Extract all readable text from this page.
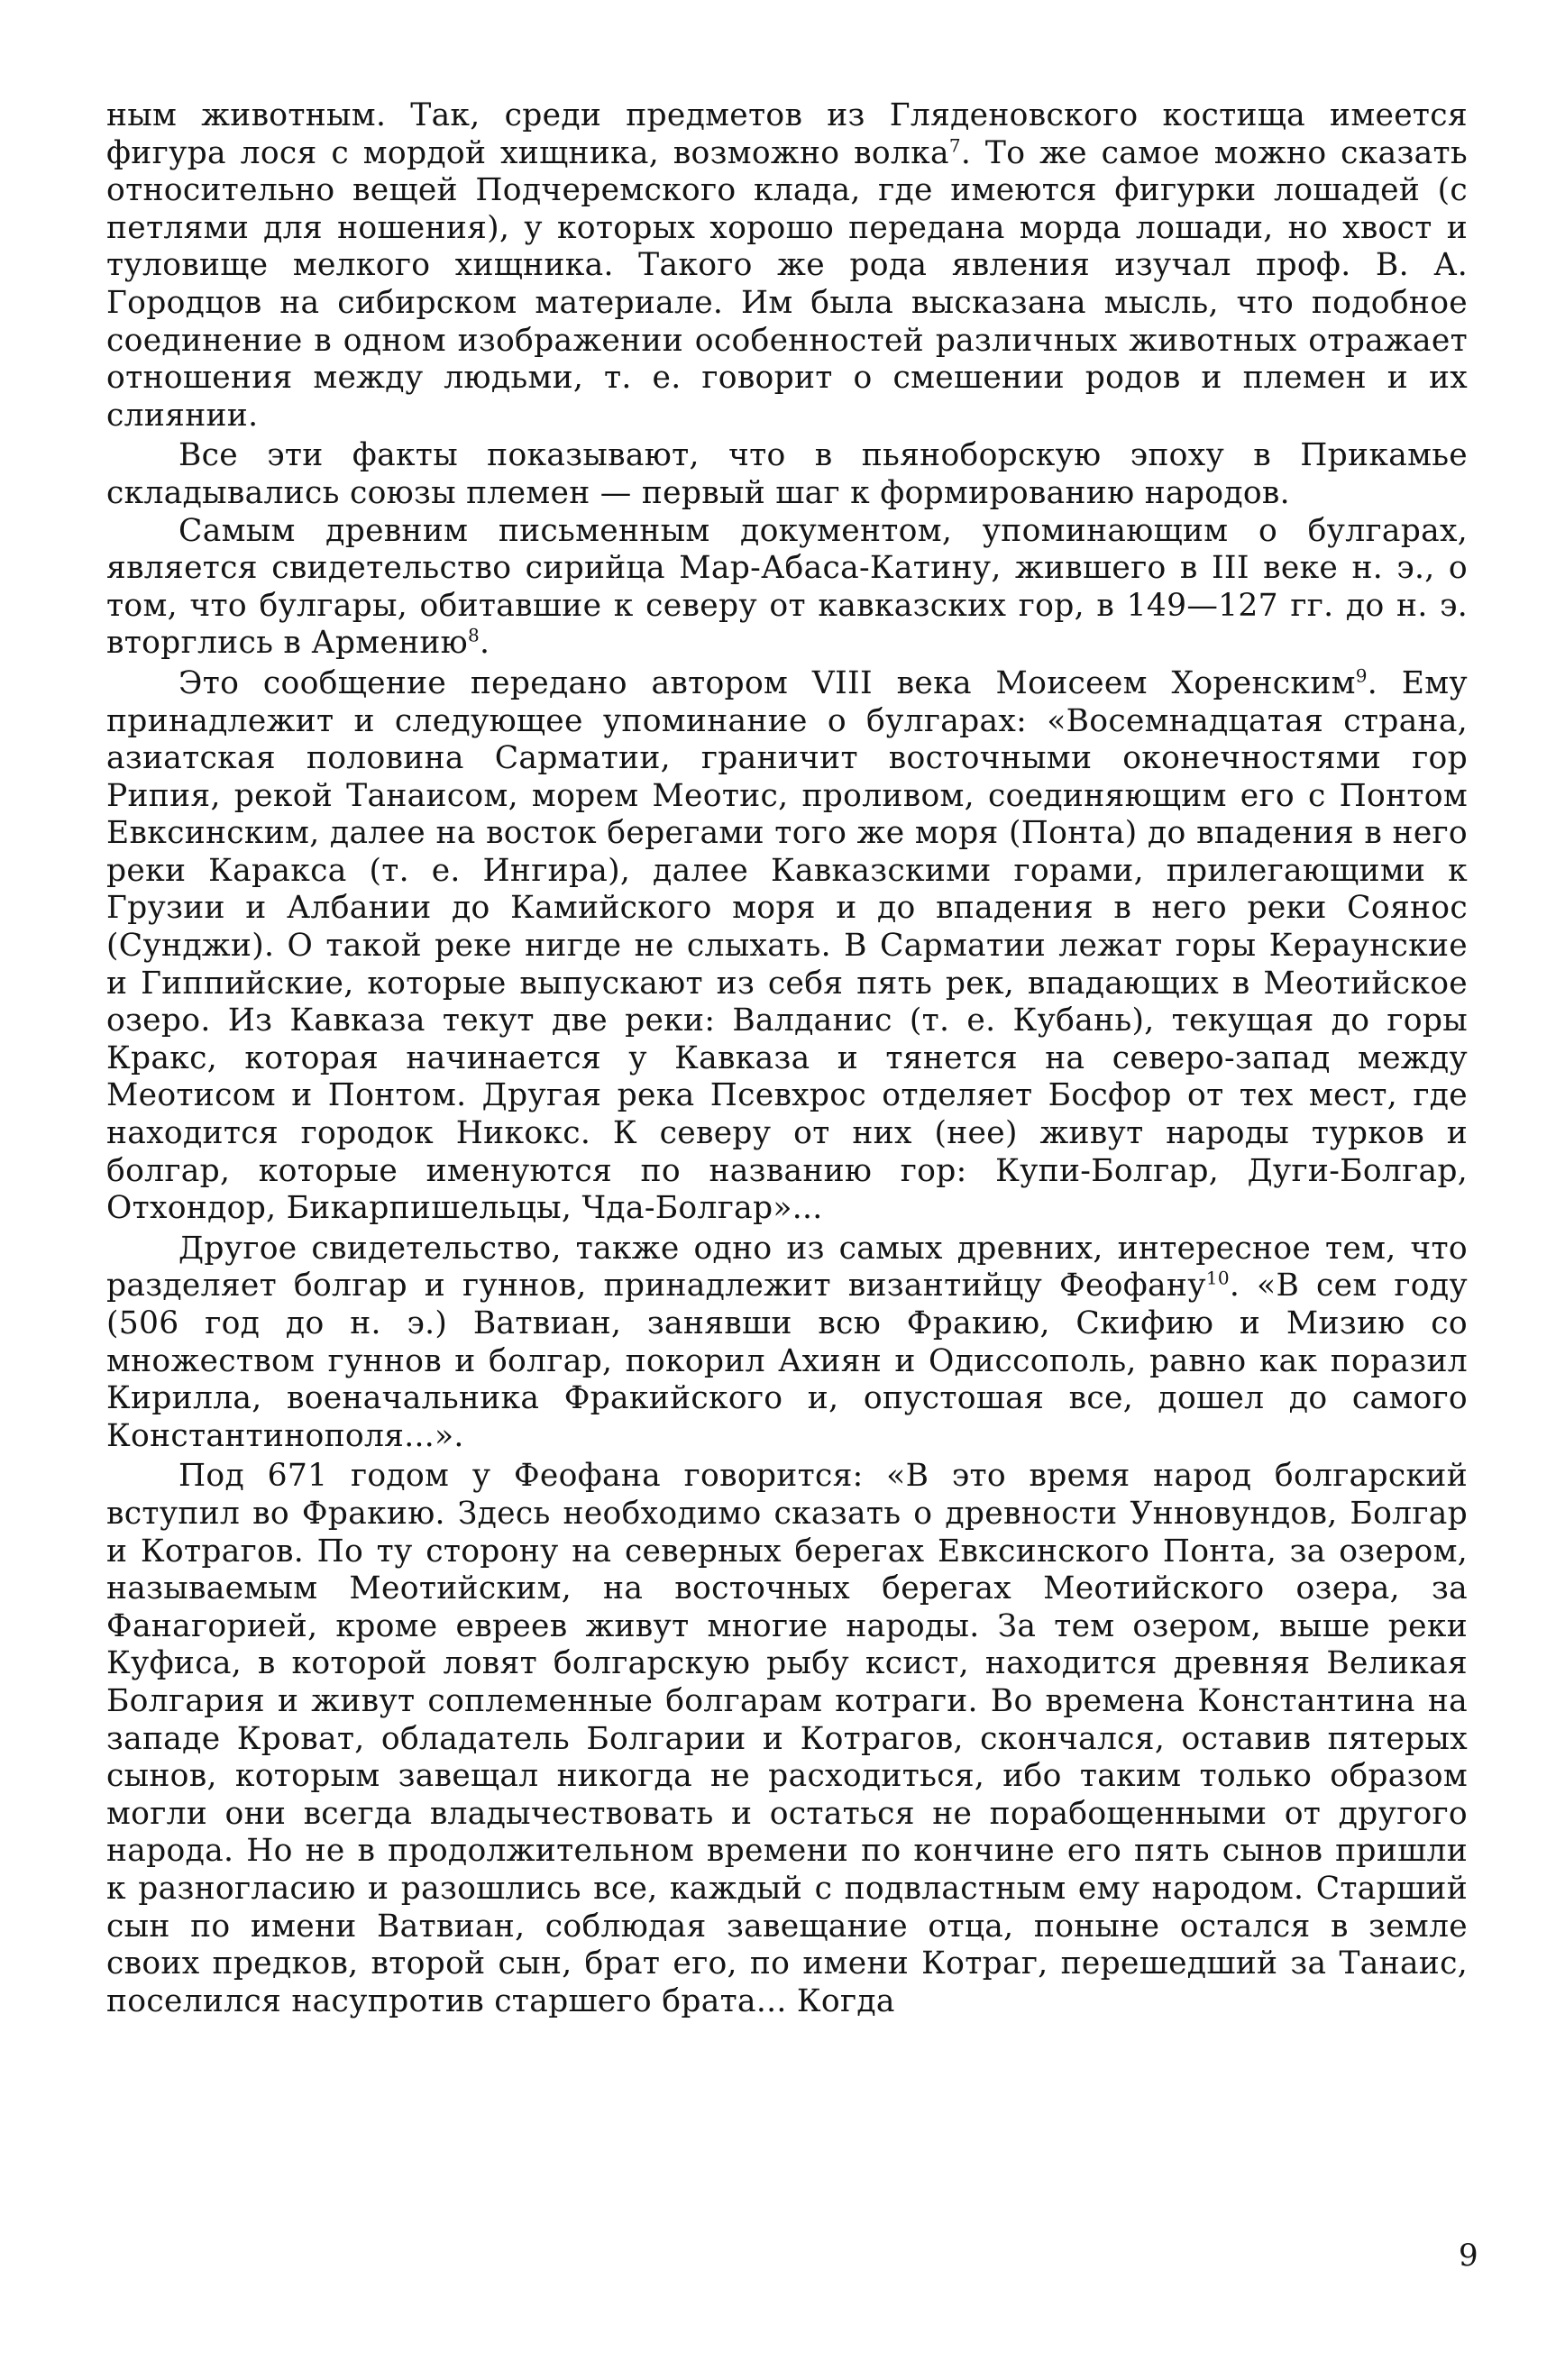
ным животным. Так, среди предметов из Гляденовского костища имеется фигура лося с мордой хищника, возможно волка$^7$. То же самое можно сказать относительно вещей Подчеремского клада, где имеются фигурки лошадей (с петлями для ношения), у которых хорошо передана морда лошади, но хвост и туловище мелкого хищника. Такого же рода явления изучал проф. В. А. Городцов на сибирском материале. Им была высказана мысль, что подобное соединение в одном изображении особенностей различных животных отражает отношения между людьми, т. е. говорит о смешении родов и племен и их слиянии.

Все эти факты показывают, что в пьяноборскую эпоху в Прикамье складывались союзы племен — первый шаг к формированию народов.

Самым древним письменным документом, упоминающим о булгарах, является свидетельство сирийца Мар-Абаса-Катину, жившего в III веке н. э., о том, что булгары, обитавшие к северу от кавказских гор, в 149—127 гг. до н. э. вторглись в Армению$^8$.

Это сообщение передано автором VIII века Моисеем Хоренским$^9$. Ему принадлежит и следующее упоминание о булгарах: «Восемнадцатая страна, азиатская половина Сарматии, граничит восточными оконечностями гор Рипия, рекой Танаисом, морем Меотис, проливом, соединяющим его с Понтом Евксинским, далее на восток берегами того же моря (Понта) до впадения в него реки Каракса (т. е. Ингира), далее Кавказскими горами, прилегающими к Грузии и Албании до Камийского моря и до впадения в него реки Соянос (Сунджи). О такой реке нигде не слыхать. В Сарматии лежат горы Кераунские и Гиппийские, которые выпускают из себя пять рек, впадающих в Меотийское озеро. Из Кавказа текут две реки: Валданис (т. е. Кубань), текущая до горы Кракс, которая начинается у Кавказа и тянется на северо-запад между Меотисом и Понтом. Другая река Псевхрос отделяет Босфор от тех мест, где находится городок Никокс. К северу от них (нее) живут народы турков и болгар, которые именуются по названию гор: Купи-Болгар, Дуги-Болгар, Отхондор, Бикарпишельцы, Чда-Болгар»...

Другое свидетельство, также одно из самых древних, интересное тем, что разделяет болгар и гуннов, принадлежит византийцу Феофану$^{10}$. «В сем году (506 год до н. э.) Ватвиан, занявши всю Фракию, Скифию и Мизию со множеством гуннов и болгар, покорил Ахиян и Одиссополь, равно как поразил Кирилла, военачальника Фракийского и, опустошая все, дошел до самого Константинополя...».

Под 671 годом у Феофана говорится: «В это время народ болгарский вступил во Фракию. Здесь необходимо сказать о древности Унновундов, Болгар и Котрагов. По ту сторону на северных берегах Евксинского Понта, за озером, называемым Меотийским, на восточных берегах Меотийского озера, за Фанагорией, кроме евреев живут многие народы. За тем озером, выше реки Куфиса, в которой ловят болгарскую рыбу ксист, находится древняя Великая Болгария и живут соплеменные болгарам котраги. Во времена Константина на западе Кроват, обладатель Болгарии и Котрагов, скончался, оставив пятерых сынов, которым завещал никогда не расходиться, ибо таким только образом могли они всегда владычествовать и остаться не порабощенными от другого народа. Но не в продолжительном времени по кончине его пять сынов пришли к разногласию и разошлись все, каждый с подвластным ему народом. Старший сын по имени Ватвиан, соблюдая завещание отца, поныне остался в земле своих предков, второй сын, брат его, по имени Котраг, перешедший за Танаис, поселился насупротив старшего брата... Когда

9
